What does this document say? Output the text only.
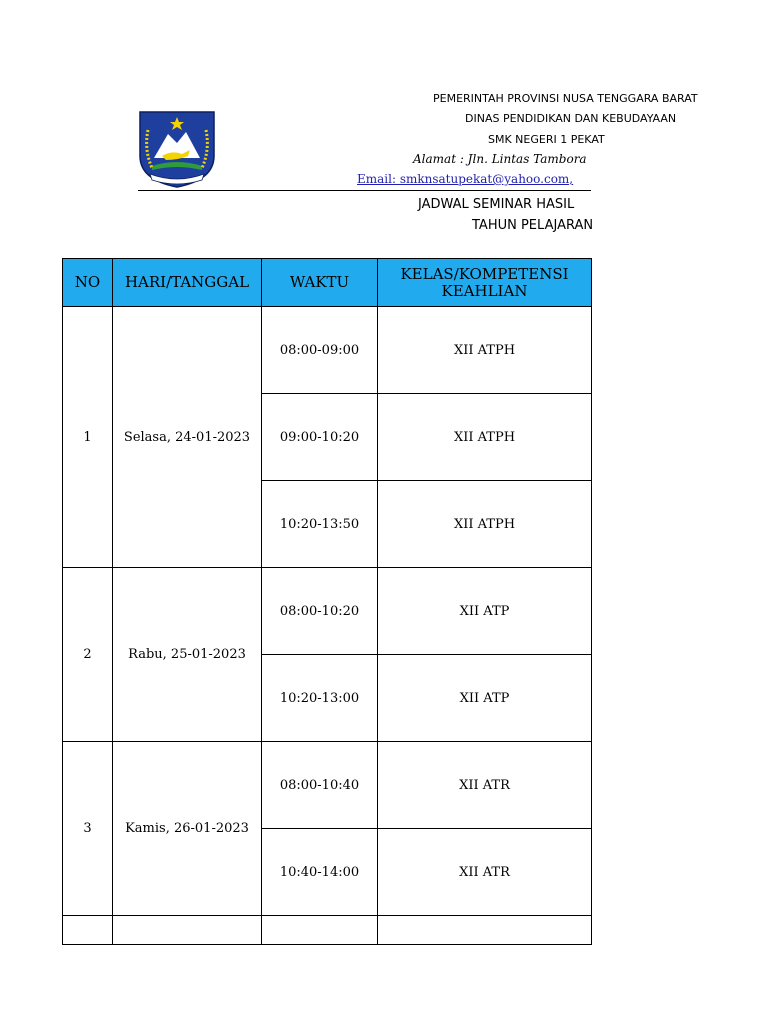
PEMERINTAH PROVINSI NUSA TENGGARA BARAT
DINAS PENDIDIKAN DAN KEBUDAYAAN
SMK NEGERI 1 PEKAT
Alamat : Jln. Lintas Tambora
Email: smknsatupekat@yahoo.com,
JADWAL SEMINAR HASIL
TAHUN PELAJARAN
NO	HARI/TANGGAL	WAKTU	KELAS/KOMPETENSI
KEAHLIAN
1	Selasa, 24-01-2023	08:00-09:00	XII ATPH
		09:00-10:20	XII ATPH
		10:20-13:50	XII ATPH
2	Rabu, 25-01-2023	08:00-10:20	XII ATP
		10:20-13:00	XII ATP
3	Kamis, 26-01-2023	08:00-10:40	XII ATR
		10:40-14:00	XII ATR
